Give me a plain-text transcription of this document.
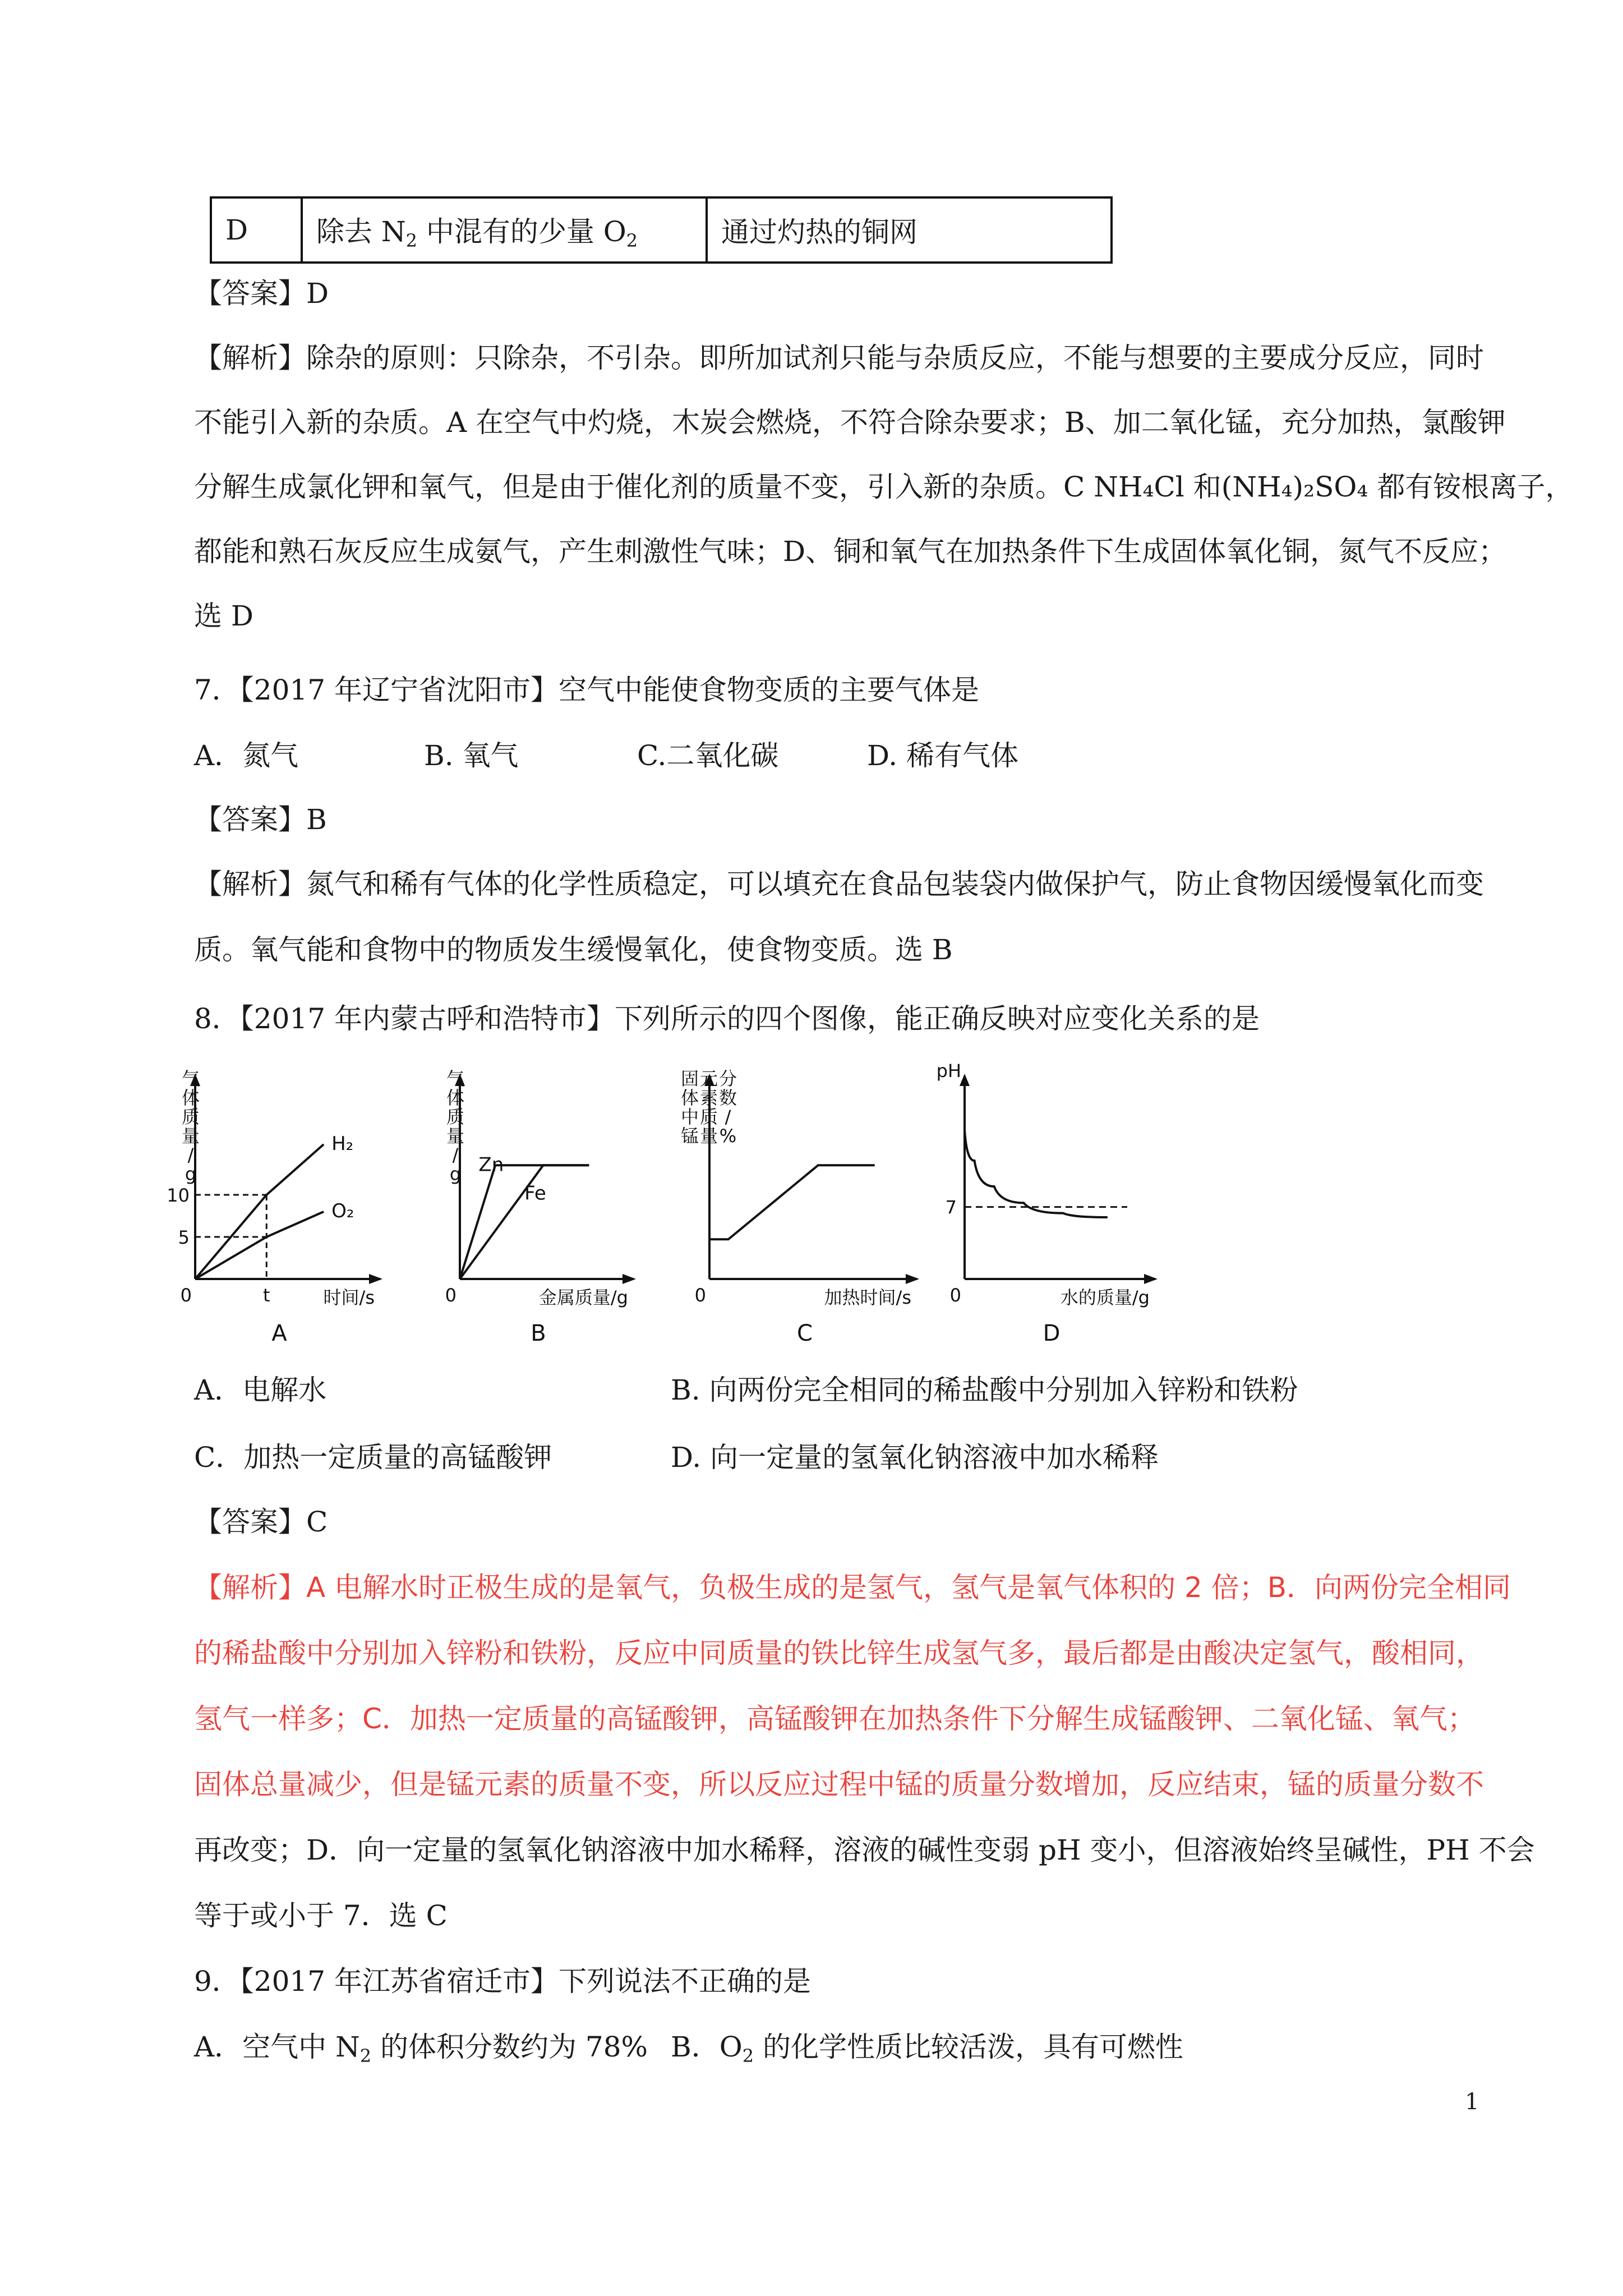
D	除去 $N_2$ 中混有的少量 $O_2$	通过灼热的铜网
【答案】D
【解析】除杂的原则：只除杂，不引杂。即所加试剂只能与杂质反应，不能与想要的主要成分反应，同时
不能引入新的杂质。A 在空气中灼烧，木炭会燃烧，不符合除杂要求；B、加二氧化锰，充分加热，氯酸钾
分解生成氯化钾和氧气，但是由于催化剂的质量不变，引入新的杂质。C NH₄Cl 和(NH₄)₂SO₄ 都有铵根离子，
都能和熟石灰反应生成氨气，产生刺激性气味；D、铜和氧气在加热条件下生成固体氧化铜，氮气不反应；
选 D
7．【2017 年辽宁省沈阳市】空气中能使食物变质的主要气体是
A．氮气	B. 氧气	C.二氧化碳	D. 稀有气体
【答案】B
【解析】氮气和稀有气体的化学性质稳定，可以填充在食品包装袋内做保护气，防止食物因缓慢氧化而变
质。氧气能和食物中的物质发生缓慢氧化，使食物变质。选 B
8．【2017 年内蒙古呼和浩特市】下列所示的四个图像，能正确反映对应变化关系的是
0	时间/s
A
气
体
质
量
/
g
10
5
t
H₂
O₂
0	金属质量/g
B
气
体
质
量
/
g Zn
Fe
0	加热时间/s
C
固
体
中
锰
元
素
质
量
分
数
/
%
0	水的质量/g
D
pH
7
A．电解水	B. 向两份完全相同的稀盐酸中分别加入锌粉和铁粉
C．加热一定质量的高锰酸钾	D. 向一定量的氢氧化钠溶液中加水稀释
【答案】C
【解析】A 电解水时正极生成的是氧气，负极生成的是氢气，氢气是氧气体积的 2 倍；B．向两份完全相同
的稀盐酸中分别加入锌粉和铁粉，反应中同质量的铁比锌生成氢气多，最后都是由酸决定氢气，酸相同，
氢气一样多；C．加热一定质量的高锰酸钾，高锰酸钾在加热条件下分解生成锰酸钾、二氧化锰、氧气；
固体总量减少，但是锰元素的质量不变，所以反应过程中锰的质量分数增加，反应结束，锰的质量分数不
再改变；D．向一定量的氢氧化钠溶液中加水稀释，溶液的碱性变弱 pH 变小，但溶液始终呈碱性，PH 不会
等于或小于 7．选 C
9．【2017 年江苏省宿迁市】下列说法不正确的是
A．空气中 $N_2$ 的体积分数约为 78% B．$O_2$ 的化学性质比较活泼，具有可燃性
1
